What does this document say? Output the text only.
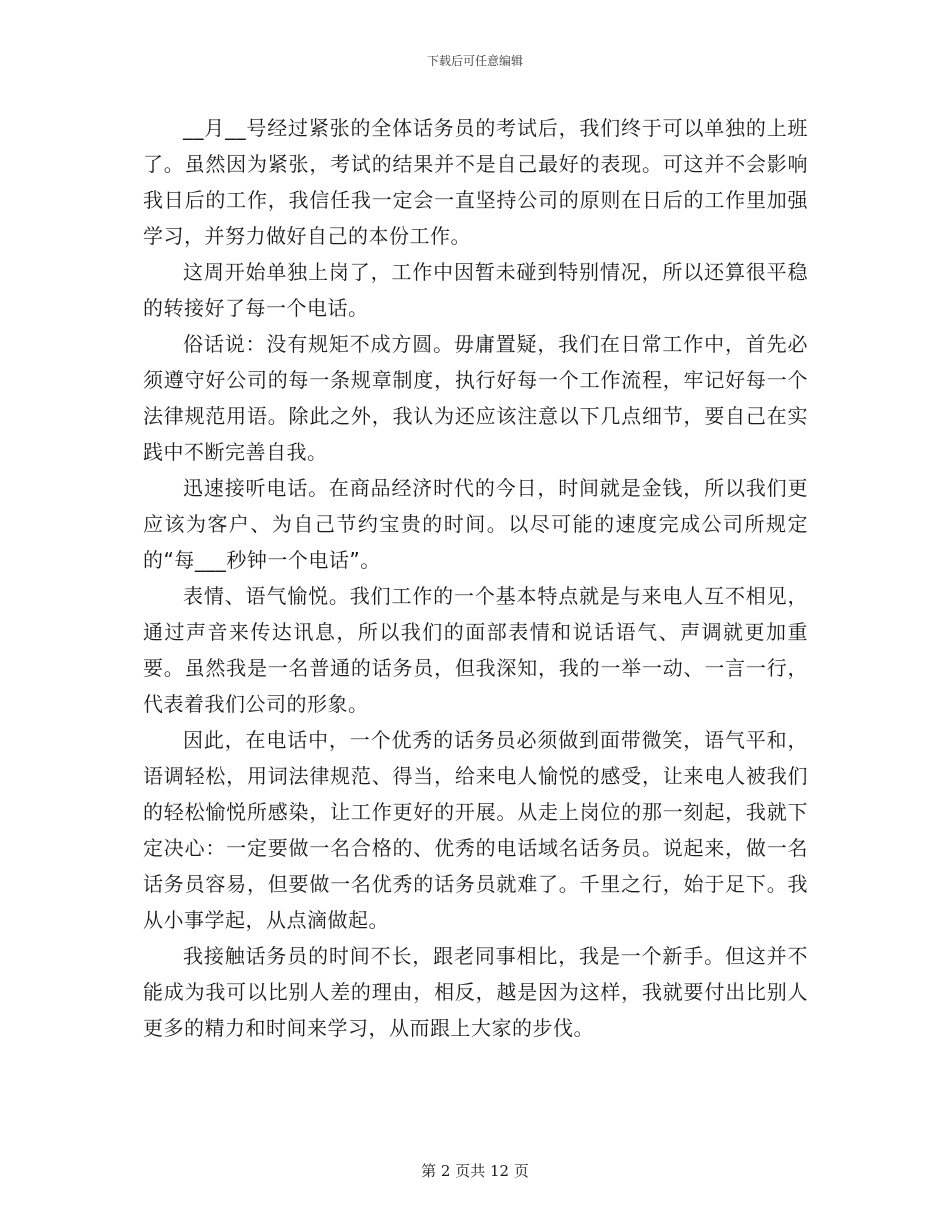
下载后可任意编辑

__月__号经过紧张的全体话务员的考试后，我们终于可以单独的上班了。虽然因为紧张，考试的结果并不是自己最好的表现。可这并不会影响我日后的工作，我信任我一定会一直坚持公司的原则在日后的工作里加强学习，并努力做好自己的本份工作。

这周开始单独上岗了，工作中因暂未碰到特别情况，所以还算很平稳的转接好了每一个电话。

俗话说：没有规矩不成方圆。毋庸置疑，我们在日常工作中，首先必须遵守好公司的每一条规章制度，执行好每一个工作流程，牢记好每一个法律规范用语。除此之外，我认为还应该注意以下几点细节，要自己在实践中不断完善自我。

迅速接听电话。在商品经济时代的今日，时间就是金钱，所以我们更应该为客户、为自己节约宝贵的时间。以尽可能的速度完成公司所规定的“每___秒钟一个电话”。

表情、语气愉悦。我们工作的一个基本特点就是与来电人互不相见，通过声音来传达讯息，所以我们的面部表情和说话语气、声调就更加重要。虽然我是一名普通的话务员，但我深知，我的一举一动、一言一行，代表着我们公司的形象。

因此，在电话中，一个优秀的话务员必须做到面带微笑，语气平和，语调轻松，用词法律规范、得当，给来电人愉悦的感受，让来电人被我们的轻松愉悦所感染，让工作更好的开展。从走上岗位的那一刻起，我就下定决心：一定要做一名合格的、优秀的电话域名话务员。说起来，做一名话务员容易，但要做一名优秀的话务员就难了。千里之行，始于足下。我从小事学起，从点滴做起。

我接触话务员的时间不长，跟老同事相比，我是一个新手。但这并不能成为我可以比别人差的理由，相反，越是因为这样，我就要付出比别人更多的精力和时间来学习，从而跟上大家的步伐。

第 2 页共 12 页
